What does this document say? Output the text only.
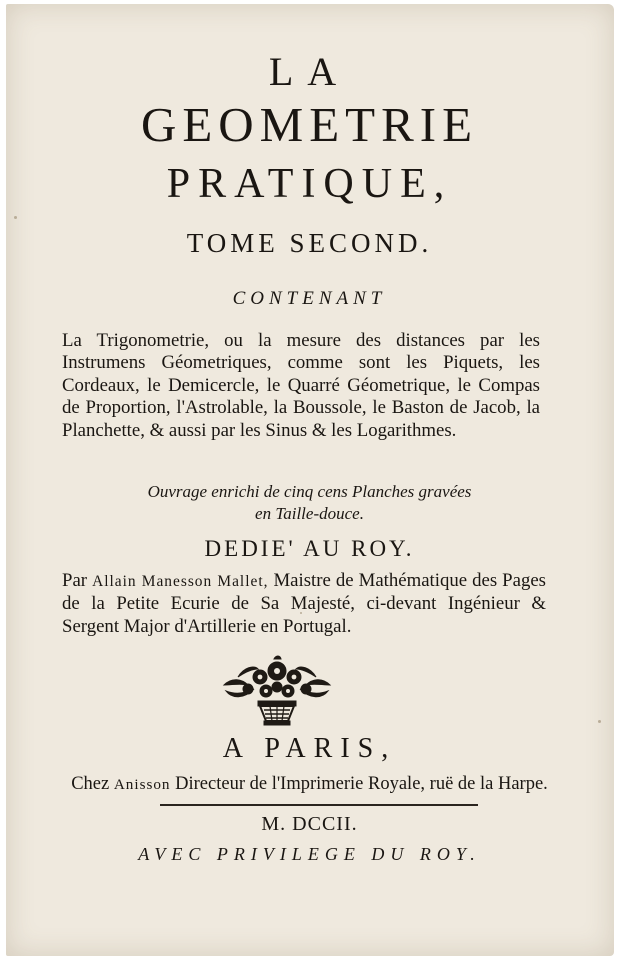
LA
GEOMETRIE
PRATIQUE,
TOME SECOND.
CONTENANT
La Trigonometrie, ou la mesure des distances par les Instrumens Géometriques, comme sont les Piquets, les Cordeaux, le Demicercle, le Quarré Géometrique, le Compas de Proportion, l'Astrolable, la Boussole, le Baston de Jacob, la Planchette, & aussi par les Sinus & les Logarithmes.
Ouvrage enrichi de cinq cens Planches gravées
en Taille-douce.
DEDIE' AU ROY.
Par Allain Manesson Mallet, Maistre de Mathématique des Pages de la Petite Ecurie de Sa Majesté, ci-devant Ingénieur & Sergent Major d'Artillerie en Portugal.
A PARIS,
Chez Anisson Directeur de l'Imprimerie Royale, ruë de la Harpe.
M. DCCII.
AVEC PRIVILEGE DU ROY.
